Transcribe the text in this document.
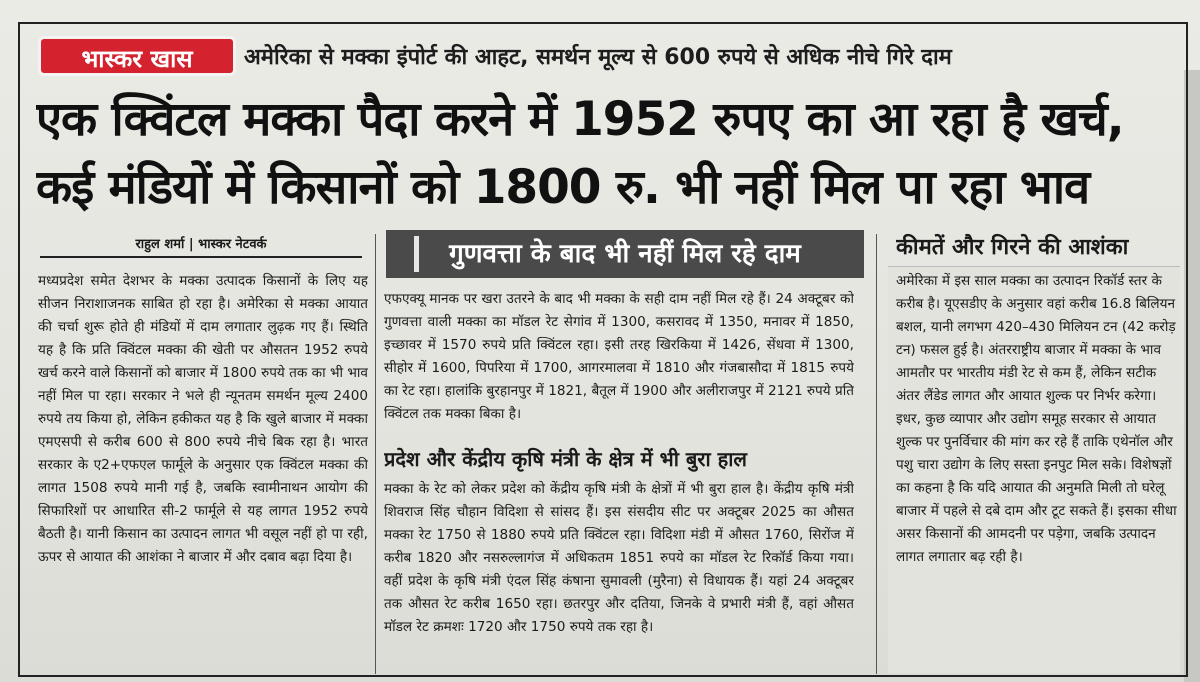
भास्कर खास	अमेरिका से मक्का इंपोर्ट की आहट, समर्थन मूल्य से 600 रुपये से अधिक नीचे गिरे दाम
एक क्विंटल मक्का पैदा करने में 1952 रुपए का आ रहा है खर्च,
कई मंडियों में किसानों को 1800 रु. भी नहीं मिल पा रहा भाव
राहुल शर्मा | भास्कर नेटवर्क
मध्यप्रदेश समेत देशभर के मक्का उत्पादक किसानों के लिए यह सीजन निराशाजनक साबित हो रहा है। अमेरिका से मक्का आयात की चर्चा शुरू होते ही मंडियों में दाम लगातार लुढ़क गए हैं। स्थिति यह है कि प्रति क्विंटल मक्का की खेती पर औसतन 1952 रुपये खर्च करने वाले किसानों को बाजार में 1800 रुपये तक का भी भाव नहीं मिल पा रहा। सरकार ने भले ही न्यूनतम समर्थन मूल्य 2400 रुपये तय किया हो, लेकिन हकीकत यह है कि खुले बाजार में मक्का एमएसपी से करीब 600 से 800 रुपये नीचे बिक रहा है। भारत सरकार के ए2+एफएल फार्मूले के अनुसार एक क्विंटल मक्का की लागत 1508 रुपये मानी गई है, जबकि स्वामीनाथन आयोग की सिफारिशों पर आधारित सी-2 फार्मूले से यह लागत 1952 रुपये बैठती है। यानी किसान का उत्पादन लागत भी वसूल नहीं हो पा रही, ऊपर से आयात की आशंका ने बाजार में और दबाव बढ़ा दिया है।
गुणवत्ता के बाद भी नहीं मिल रहे दाम
एफएक्यू मानक पर खरा उतरने के बाद भी मक्का के सही दाम नहीं मिल रहे हैं। 24 अक्टूबर को गुणवत्ता वाली मक्का का मॉडल रेट सेगांव में 1300, कसरावद में 1350, मनावर में 1850, इच्छावर में 1570 रुपये प्रति क्विंटल रहा। इसी तरह खिरकिया में 1426, सेंधवा में 1300, सीहोर में 1600, पिपरिया में 1700, आगरमालवा में 1810 और गंजबासौदा में 1815 रुपये का रेट रहा। हालांकि बुरहानपुर में 1821, बैतूल में 1900 और अलीराजपुर में 2121 रुपये प्रति क्विंटल तक मक्का बिका है।
प्रदेश और केंद्रीय कृषि मंत्री के क्षेत्र में भी बुरा हाल
मक्का के रेट को लेकर प्रदेश को केंद्रीय कृषि मंत्री के क्षेत्रों में भी बुरा हाल है। केंद्रीय कृषि मंत्री शिवराज सिंह चौहान विदिशा से सांसद हैं। इस संसदीय सीट पर अक्टूबर 2025 का औसत मक्का रेट 1750 से 1880 रुपये प्रति क्विंटल रहा। विदिशा मंडी में औसत 1760, सिरोंज में करीब 1820 और नसरुल्लागंज में अधिकतम 1851 रुपये का मॉडल रेट रिकॉर्ड किया गया। वहीं प्रदेश के कृषि मंत्री एंदल सिंह कंषाना सुमावली (मुरैना) से विधायक हैं। यहां 24 अक्टूबर तक औसत रेट करीब 1650 रहा। छतरपुर और दतिया, जिनके वे प्रभारी मंत्री हैं, वहां औसत मॉडल रेट क्रमशः 1720 और 1750 रुपये तक रहा है।
कीमतें और गिरने की आशंका
अमेरिका में इस साल मक्का का उत्पादन रिकॉर्ड स्तर के करीब है। यूएसडीए के अनुसार वहां करीब 16.8 बिलियन बशल, यानी लगभग 420–430 मिलियन टन (42 करोड़ टन) फसल हुई है। अंतरराष्ट्रीय बाजार में मक्का के भाव आमतौर पर भारतीय मंडी रेट से कम हैं, लेकिन सटीक अंतर लैंडेड लागत और आयात शुल्क पर निर्भर करेगा। इधर, कुछ व्यापार और उद्योग समूह सरकार से आयात शुल्क पर पुनर्विचार की मांग कर रहे हैं ताकि एथेनॉल और पशु चारा उद्योग के लिए सस्ता इनपुट मिल सके। विशेषज्ञों का कहना है कि यदि आयात की अनुमति मिली तो घरेलू बाजार में पहले से दबे दाम और टूट सकते हैं। इसका सीधा असर किसानों की आमदनी पर पड़ेगा, जबकि उत्पादन लागत लगातार बढ़ रही है।
